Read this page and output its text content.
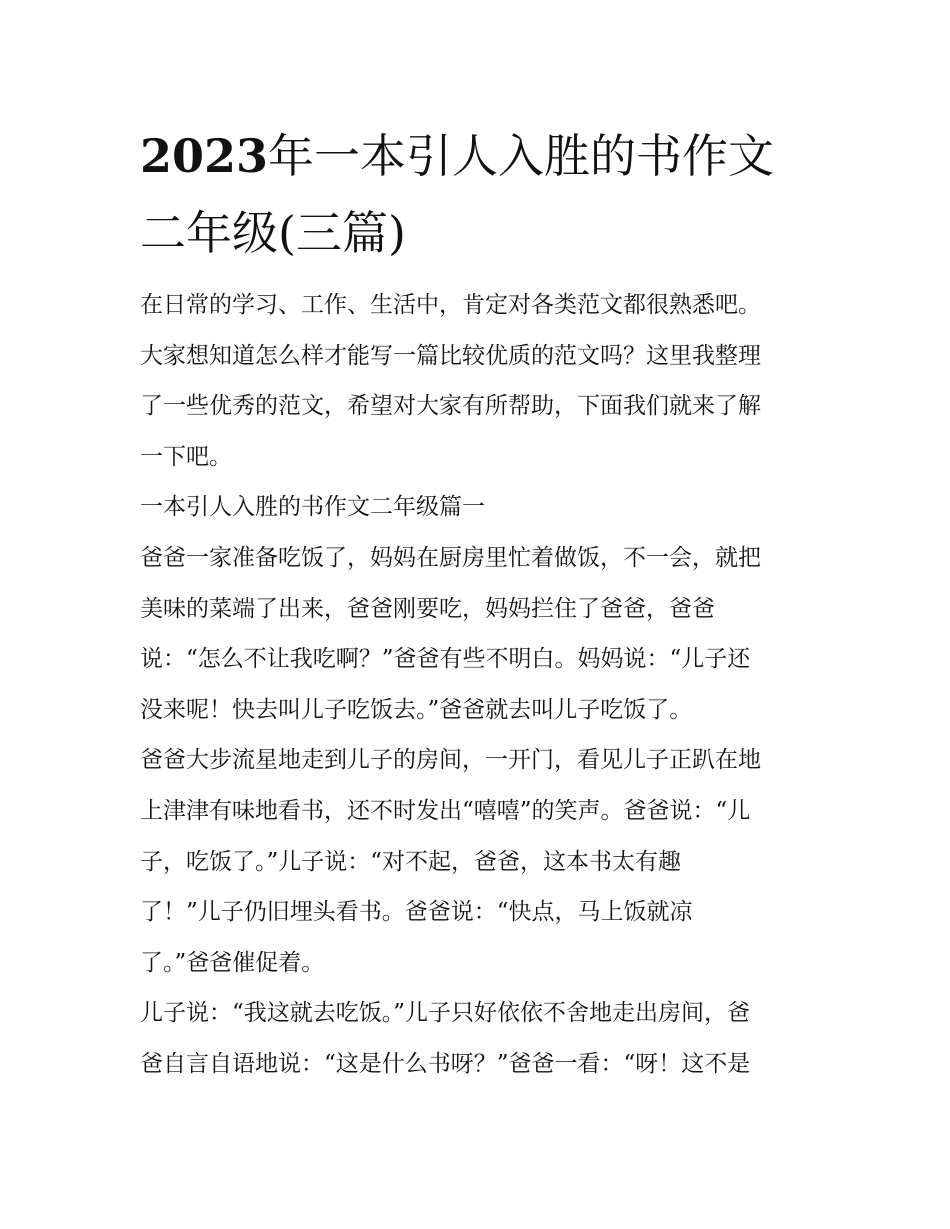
2023年一本引人入胜的书作文
二年级(三篇)

在日常的学习、工作、生活中，肯定对各类范文都很熟悉吧。
大家想知道怎么样才能写一篇比较优质的范文吗？这里我整理
了一些优秀的范文，希望对大家有所帮助，下面我们就来了解
一下吧。

一本引人入胜的书作文二年级篇一

爸爸一家准备吃饭了，妈妈在厨房里忙着做饭，不一会，就把
美味的菜端了出来，爸爸刚要吃，妈妈拦住了爸爸，爸爸
说：“怎么不让我吃啊？”爸爸有些不明白。妈妈说：“儿子还
没来呢！快去叫儿子吃饭去。”爸爸就去叫儿子吃饭了。

爸爸大步流星地走到儿子的房间，一开门，看见儿子正趴在地
上津津有味地看书，还不时发出“嘻嘻”的笑声。爸爸说：“儿
子，吃饭了。”儿子说：“对不起，爸爸，这本书太有趣
了！”儿子仍旧埋头看书。爸爸说：“快点，马上饭就凉
了。”爸爸催促着。

儿子说：“我这就去吃饭。”儿子只好依依不舍地走出房间，爸
爸自言自语地说：“这是什么书呀？”爸爸一看：“呀！这不是
